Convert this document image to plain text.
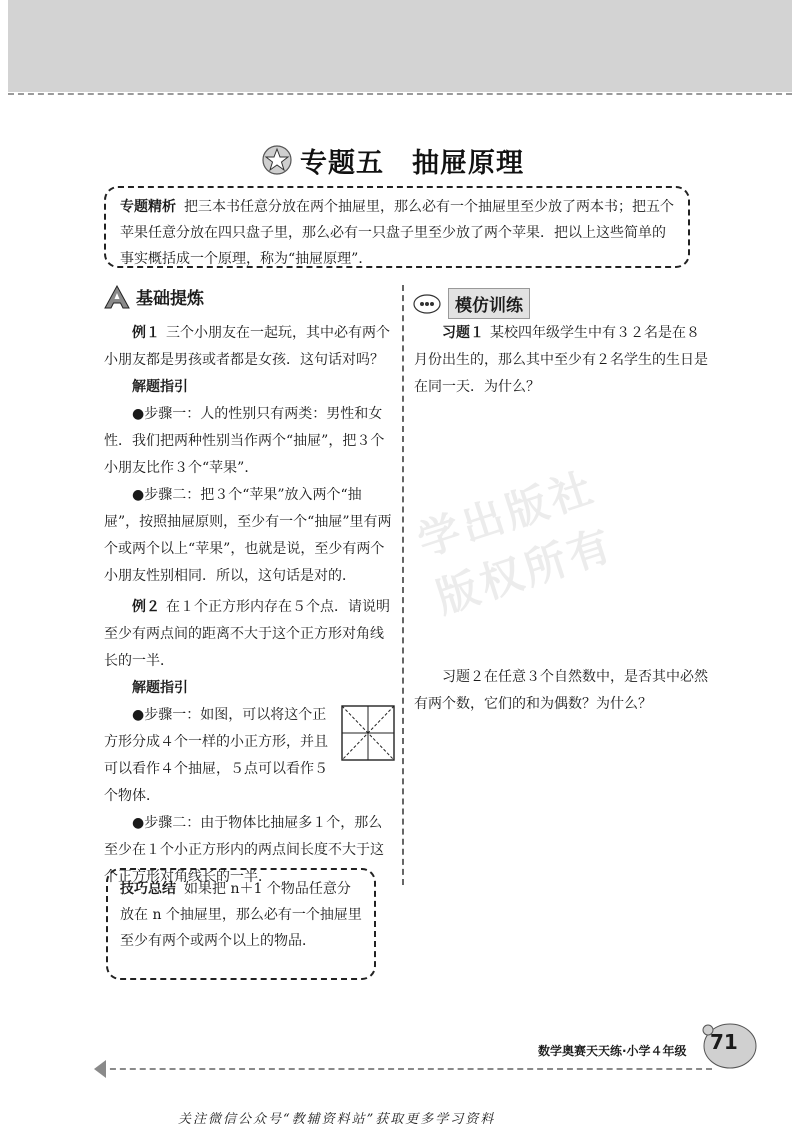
专题五　抽屉原理
专题精析 把三本书任意分放在两个抽屉里，那么必有一个抽屉里至少放了两本书；把五个苹果任意分放在四只盘子里，那么必有一只盘子里至少放了两个苹果．把以上这些简单的事实概括成一个原理，称为“抽屉原理”．
学出版社　版权所有
基础提炼	模仿训练

例１ 三个小朋友在一起玩，其中必有两个小朋友都是男孩或者都是女孩．这句话对吗？

解题指引

●步骤一：人的性别只有两类：男性和女性．我们把两种性别当作两个“抽屉”，把３个小朋友比作３个“苹果”．

●步骤二：把３个“苹果”放入两个“抽屉”，按照抽屉原则，至少有一个“抽屉”里有两个或两个以上“苹果”，也就是说，至少有两个小朋友性别相同．所以，这句话是对的．

例２ 在１个正方形内存在５个点．请说明至少有两点间的距离不大于这个正方形对角线长的一半．

解题指引

●步骤一：如图，可以将这个正方形分成４个一样的小正方形，并且可以看作４个抽屉，５点可以看作５个物体．

●步骤二：由于物体比抽屉多１个，那么至少在１个小正方形内的两点间长度不大于这个正方形对角线长的一半．

技巧总结 如果把 n＋1 个物品任意分放在 n 个抽屉里，那么必有一个抽屉里至少有两个或两个以上的物品．

习题１ 某校四年级学生中有３２名是在８月份出生的，那么其中至少有２名学生的生日是在同一天．为什么？

习题２在任意３个自然数中，是否其中必然有两个数，它们的和为偶数？为什么？

数学奥赛天天练·小学４年级 71
关注微信公众号“教辅资料站”获取更多学习资料
